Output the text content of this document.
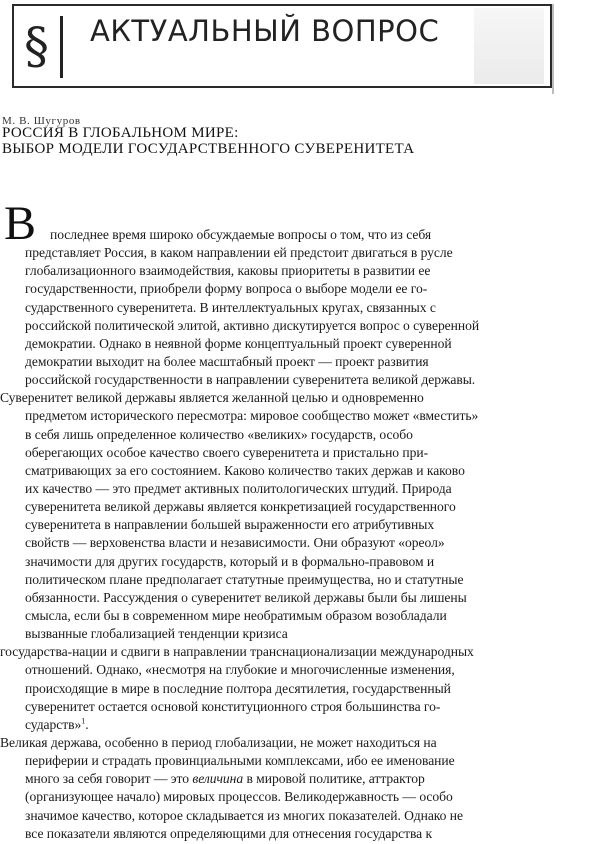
§ АКТУАЛЬНЫЙ ВОПРОС
М. В. Шугуров
РОССИЯ В ГЛОБАЛЬНОМ МИРЕ:
ВЫБОР МОДЕЛИ ГОСУДАРСТВЕННОГО СУВЕРЕНИТЕТА
В	последнее время широко обсуждаемые вопросы о том, что из себя
представляет Россия, в каком направлении ей предстоит двигаться в русле
глобализационного взаимодействия, каковы приоритеты в развитии ее
государственности, приобрели форму вопроса о выборе модели ее го-
сударственного суверенитета. В интеллектуальных кругах, связанных с
российской политической элитой, активно дискутируется вопрос о суверенной
демократии. Однако в неявной форме концептуальный проект суверенной
демократии выходит на более масштабный проект — проект развития
российской государственности в направлении суверенитета великой державы.
Суверенитет великой державы является желанной целью и одновременно
предметом исторического пересмотра: мировое сообщество может «вместить»
в себя лишь определенное количество «великих» государств, особо
оберегающих особое качество своего суверенитета и пристально при-
сматривающих за его состоянием. Каково количество таких держав и каково
их качество — это предмет активных политологических штудий. Природа
суверенитета великой державы является конкретизацией государственного
суверенитета в направлении большей выраженности его атрибутивных
свойств — верховенства власти и независимости. Они образуют «ореол»
значимости для других государств, который и в формально-правовом и
политическом плане предполагает статутные преимущества, но и статутные
обязанности. Рассуждения о суверенитет великой державы были бы лишены
смысла, если бы в современном мире необратимым образом возобладали
вызванные глобализацией тенденции кризиса
государства-нации и сдвиги в направлении транснационализации международных
отношений. Однако, «несмотря на глубокие и многочисленные изменения,
происходящие в мире в последние полтора десятилетия, государственный
суверенитет остается основой конституционного строя большинства го-
сударств»$^1$.
Великая держава, особенно в период глобализации, не может находиться на
периферии и страдать провинциальными комплексами, ибо ее именование
много за себя говорит — это величина в мировой политике, аттрактор
(организующее начало) мировых процессов. Великодержавность — особо
значимое качество, которое складывается из многих показателей. Однако не
все показатели являются определяющими для отнесения государства к
